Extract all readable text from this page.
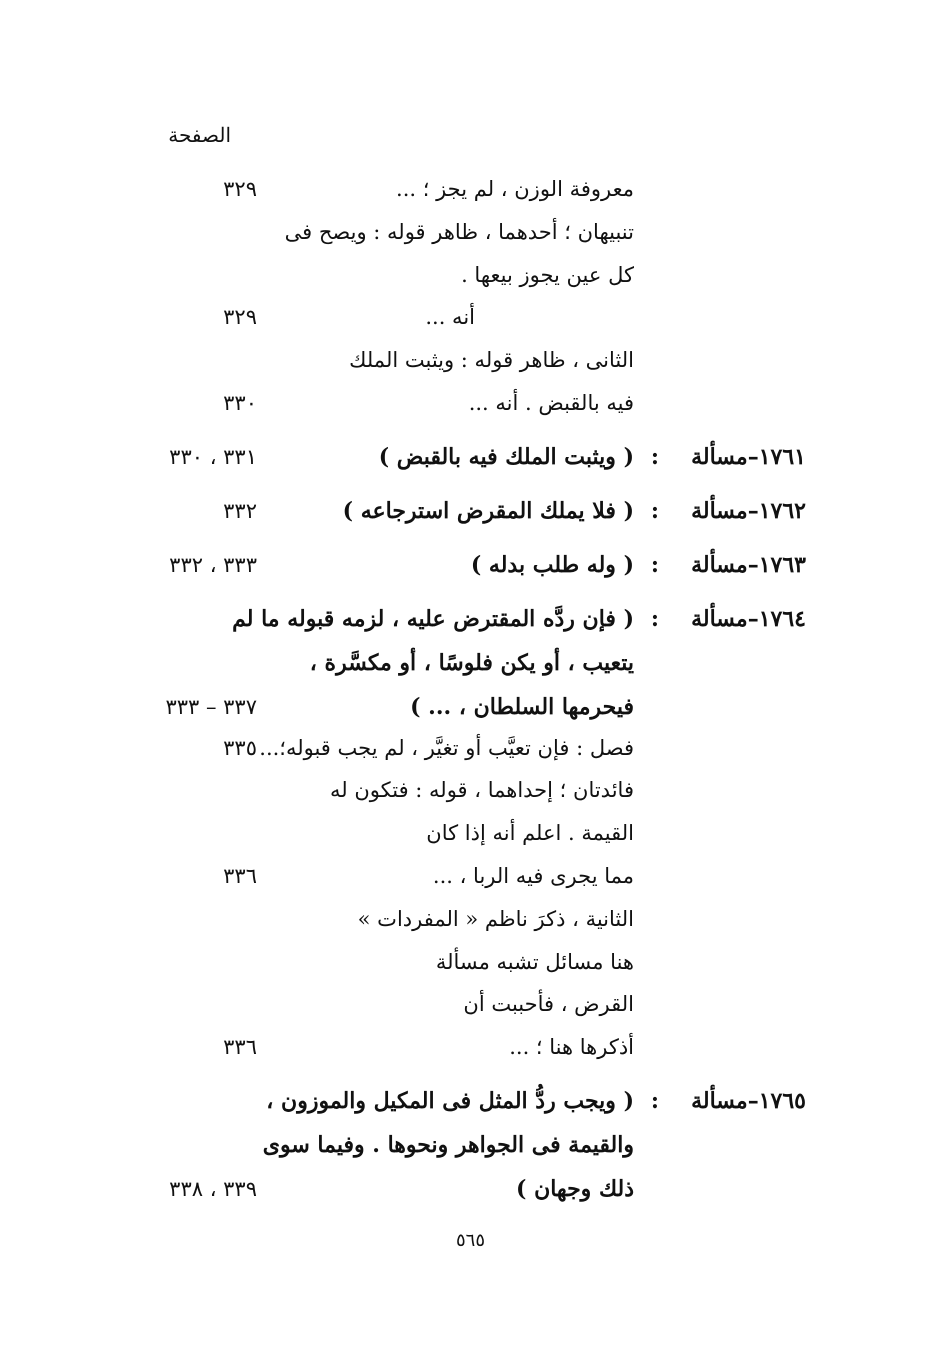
الصفحة
معروفة الوزن ، لم يجز ؛ ...
٣٢٩
تنبيهان ؛ أحدهما ، ظاهر قوله : ويصح فى
كل عين يجوز بيعها .
أنه ...
٣٢٩
الثانى ، ظاهر قوله : ويثبت الملك
فيه بالقبض . أنه ...
٣٣٠
١٧٦١–مسألة
:
( ويثبت الملك فيه بالقبض )
٣٣١ ، ٣٣٠
١٧٦٢–مسألة
:
( فلا يملك المقرض استرجاعه )
٣٣٢
١٧٦٣–مسألة
:
( وله طلب بدله )
٣٣٣ ، ٣٣٢
١٧٦٤–مسألة
:
( فإن ردَّه المقترض عليه ، لزمه قبوله ما لم
يتعيب ، أو يكن فلوسًا ، أو مكسَّرة ،
فيحرمها السلطان ، ... )
٣٣٧ – ٣٣٣
فصل : فإن تعيَّب أو تغيَّر ، لم يجب قبوله؛...
٣٣٥
فائدتان ؛ إحداهما ، قوله : فتكون له
القيمة . اعلم أنه إذا كان
مما يجرى فيه الربا ، ...
٣٣٦
الثانية ، ذكرَ ناظم « المفردات »
هنا مسائل تشبه مسألة
القرض ، فأحببت أن
أذكرها هنا ؛ ...
٣٣٦
١٧٦٥–مسألة
:
( ويجب ردُّ المثل فى المكيل والموزون ،
والقيمة فى الجواهر ونحوها . وفيما سوى
ذلك وجهان )
٣٣٩ ، ٣٣٨
٥٦٥
